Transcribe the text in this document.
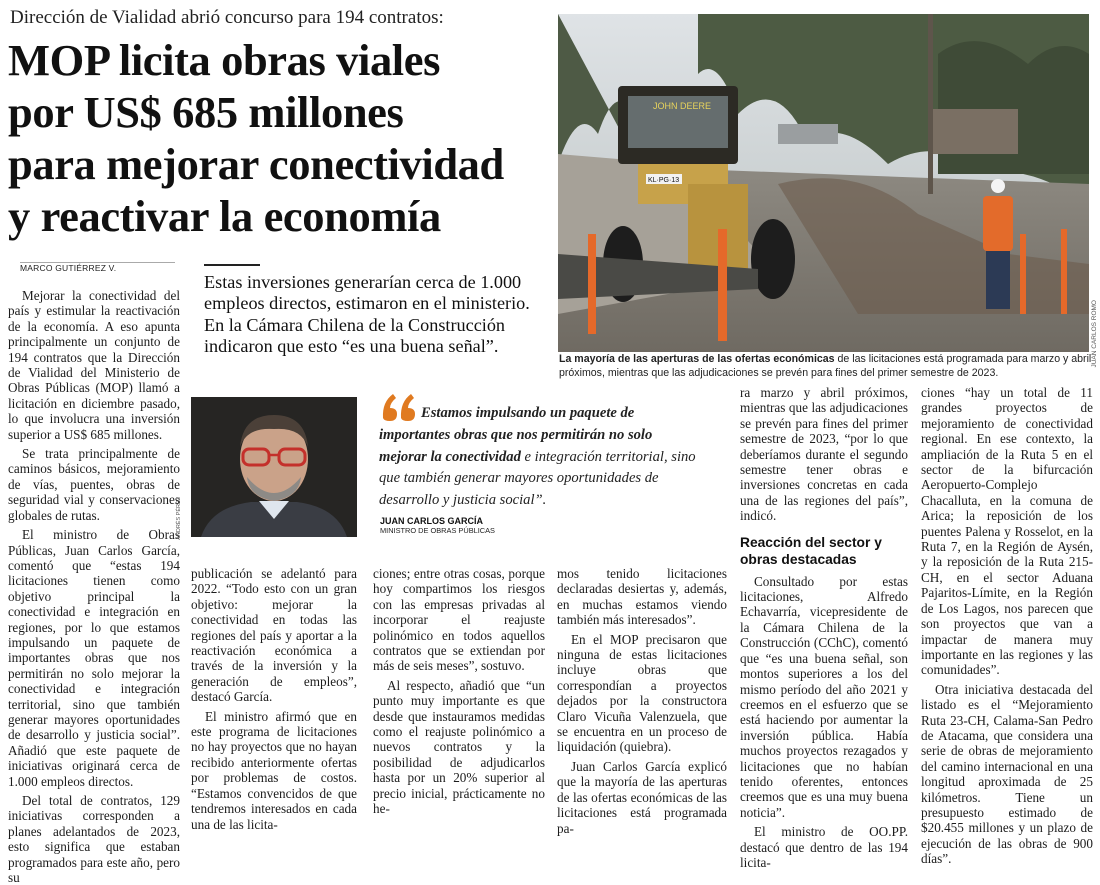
Dirección de Vialidad abrió concurso para 194 contratos:
MOP licita obras viales
por US$ 685 millones
para mejorar conectividad
y reactivar la economía
MARCO GUTIÉRREZ V.
Estas inversiones generarían cerca de 1.000 empleos directos, estimaron en el ministerio. En la Cámara Chilena de la Construcción indicaron que esto “es una buena señal”.
JOHN DEERE
KL·PG·13
JUAN CARLOS ROMO
La mayoría de las aperturas de las ofertas económicas de las licitaciones está programada para marzo y abril próximos, mientras que las adjudicaciones se prevén para fines del primer semestre de 2023.

Mejorar la conectividad del país y estimular la reactivación de la economía. A eso apunta principalmente un conjunto de 194 contratos que la Dirección de Vialidad del Ministerio de Obras Públicas (MOP) llamó a licitación en diciembre pasado, lo que involucra una inversión superior a US$ 685 millones.

Se trata principalmente de caminos básicos, mejoramiento de vías, puentes, obras de seguridad vial y conservaciones globales de rutas.

El ministro de Obras Públicas, Juan Carlos García, comentó que “estas 194 licitaciones tienen como objetivo principal la conectividad e integración en regiones, por lo que estamos impulsando un paquete de importantes obras que nos permitirán no solo mejorar la conectividad e integración territorial, sino que también generar mayores oportunidades de desarrollo y justicia social”. Añadió que este paquete de iniciativas originará cerca de 1.000 empleos directos.

Del total de contratos, 129 iniciativas corresponden a planes adelantados de 2023, esto significa que estaban programados para este año, pero su

ANDRÉS PÉREZ

publicación se adelantó para 2022. “Todo esto con un gran objetivo: mejorar la conectividad en todas las regiones del país y aportar a la reactivación económica a través de la inversión y la generación de empleos”, destacó García.

El ministro afirmó que en este programa de licitaciones no hay proyectos que no hayan recibido anteriormente ofertas por problemas de costos. “Estamos convencidos de que tendremos interesados en cada una de las licita-

Estamos impulsando un paquete de
importantes obras que nos permitirán no solo
mejorar la conectividad e integración territorial, sino
que también generar mayores oportunidades de
desarrollo y justicia social”.
JUAN CARLOS GARCÍA
MINISTRO DE OBRAS PÚBLICAS

ciones; entre otras cosas, porque hoy compartimos los riesgos con las empresas privadas al incorporar el reajuste polinómico en todos aquellos contratos que se extiendan por más de seis meses”, sostuvo.

Al respecto, añadió que “un punto muy importante es que desde que instauramos medidas como el reajuste polinómico a nuevos contratos y la posibilidad de adjudicarlos hasta por un 20% superior al precio inicial, prácticamente no he-

mos tenido licitaciones declaradas desiertas y, además, en muchas estamos viendo también más interesados”.

En el MOP precisaron que ninguna de estas licitaciones incluye obras que correspondían a proyectos dejados por la constructora Claro Vicuña Valenzuela, que se encuentra en un proceso de liquidación (quiebra).

Juan Carlos García explicó que la mayoría de las aperturas de las ofertas económicas de las licitaciones está programada pa-

ra marzo y abril próximos, mientras que las adjudicaciones se prevén para fines del primer semestre de 2023, “por lo que deberíamos durante el segundo semestre tener obras e inversiones concretas en cada una de las regiones del país”, indicó.

Reacción del sector y obras destacadas

Consultado por estas licitaciones, Alfredo Echavarría, vicepresidente de la Cámara Chilena de la Construcción (CChC), comentó que “es una buena señal, son montos superiores a los del mismo período del año 2021 y creemos en el esfuerzo que se está haciendo por aumentar la inversión pública. Había muchos proyectos rezagados y licitaciones que no habían tenido oferentes, entonces creemos que es una muy buena noticia”.

El ministro de OO.PP. destacó que dentro de las 194 licita-

ciones “hay un total de 11 grandes proyectos de mejoramiento de conectividad regional. En ese contexto, la ampliación de la Ruta 5 en el sector de la bifurcación Aeropuerto-Complejo Chacalluta, en la comuna de Arica; la reposición de los puentes Palena y Rosselot, en la Ruta 7, en la Región de Aysén, y la reposición de la Ruta 215-CH, en el sector Aduana Pajaritos-Límite, en la Región de Los Lagos, nos parecen que son proyectos que van a impactar de manera muy importante en las regiones y las comunidades”.

Otra iniciativa destacada del listado es el “Mejoramiento Ruta 23-CH, Calama-San Pedro de Atacama, que considera una serie de obras de mejoramiento del camino internacional en una longitud aproximada de 25 kilómetros. Tiene un presupuesto estimado de $20.455 millones y un plazo de ejecución de las obras de 900 días”.
